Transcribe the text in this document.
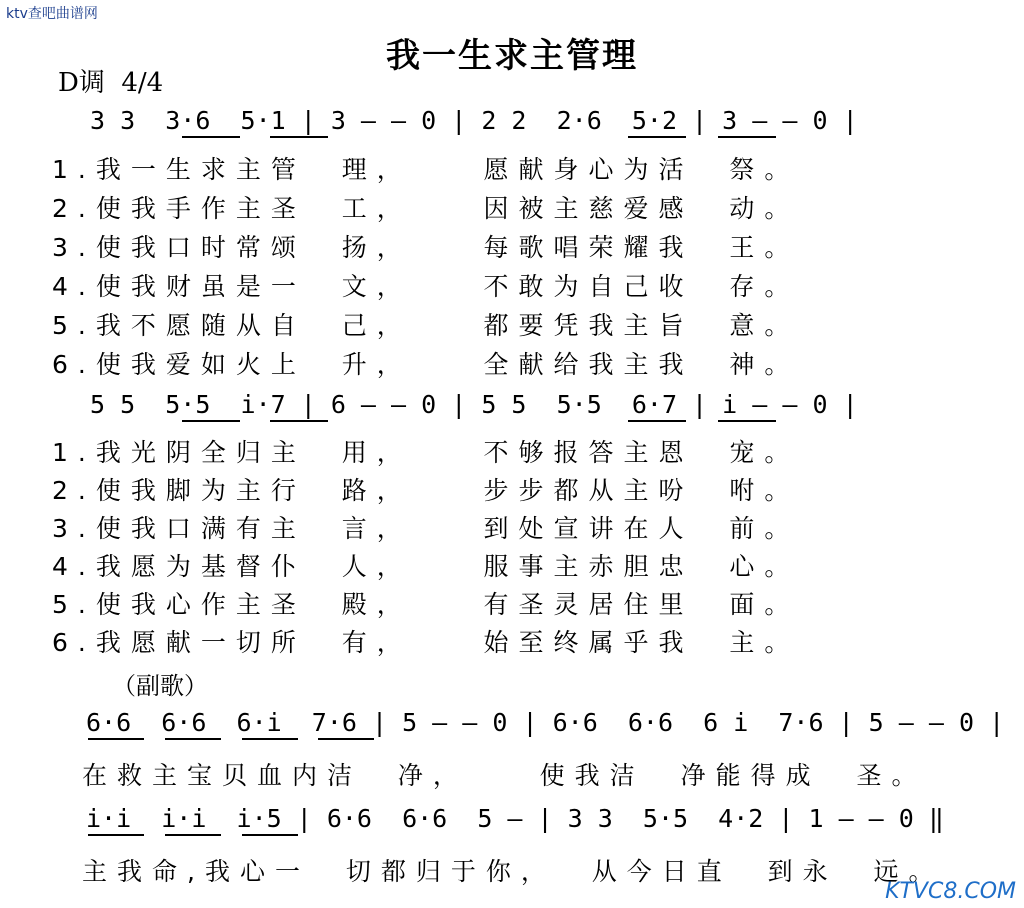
ktv查吧曲谱网
我一生求主管理
D调  4/4
3 3  3·6  5·1 | 3 — — 0 | 2 2  2·6  5·2 | 3 — — 0 |
1.我一生求主管  理，    愿献身心为活  祭。
2.使我手作主圣  工，    因被主慈爱感  动。
3.使我口时常颂  扬，    每歌唱荣耀我  王。
4.使我财虽是一  文，    不敢为自己收  存。
5.我不愿随从自  己，    都要凭我主旨  意。
6.使我爱如火上  升，    全献给我主我  神。
5 5  5·5  i·7 | 6 — — 0 | 5 5  5·5  6·7 | i — — 0 |
1.我光阴全归主  用，    不够报答主恩  宠。
2.使我脚为主行  路，    步步都从主吩  咐。
3.使我口满有主  言，    到处宣讲在人  前。
4.我愿为基督仆  人，    服事主赤胆忠  心。
5.使我心作主圣  殿，    有圣灵居住里  面。
6.我愿献一切所  有，    始至终属乎我  主。
（副歌）
6·6  6·6  6·i  7·6 | 5 — — 0 | 6·6  6·6  6 i  7·6 | 5 — — 0 |
在救主宝贝血内洁  净，    使我洁  净能得成  圣。
i·i  i·i  i·5 | 6·6  6·6  5 — | 3 3  5·5  4·2 | 1 — — 0 ‖
主我命,我心一  切都归于你，  从今日直  到永  远。
KTVC8.COM
